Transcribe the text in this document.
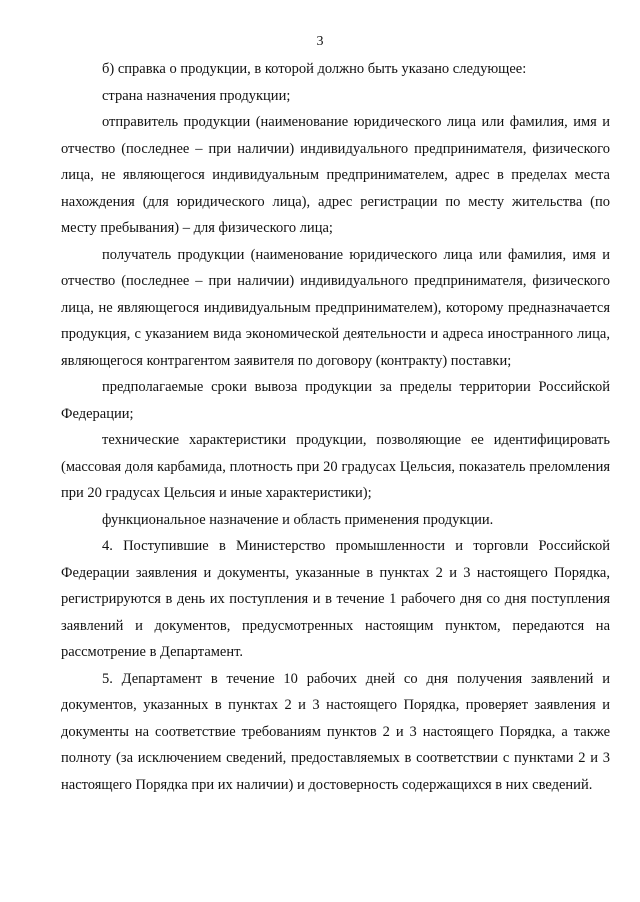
3

б) справка о продукции, в которой должно быть указано следующее:

страна назначения продукции;

отправитель продукции (наименование юридического лица или фамилия, имя и отчество (последнее – при наличии) индивидуального предпринимателя, физического лица, не являющегося индивидуальным предпринимателем, адрес в пределах места нахождения (для юридического лица), адрес регистрации по месту жительства (по месту пребывания) – для физического лица;

получатель продукции (наименование юридического лица или фамилия, имя и отчество (последнее – при наличии) индивидуального предпринимателя, физического лица, не являющегося индивидуальным предпринимателем), которому предназначается продукция, с указанием вида экономической деятельности и адреса иностранного лица, являющегося контрагентом заявителя по договору (контракту) поставки;

предполагаемые сроки вывоза продукции за пределы территории Российской Федерации;

технические характеристики продукции, позволяющие ее идентифицировать (массовая доля карбамида, плотность при 20 градусах Цельсия, показатель преломления при 20 градусах Цельсия и иные характеристики);

функциональное назначение и область применения продукции.

4. Поступившие в Министерство промышленности и торговли Российской Федерации заявления и документы, указанные в пунктах 2 и 3 настоящего Порядка, регистрируются в день их поступления и в течение 1 рабочего дня со дня поступления заявлений и документов, предусмотренных настоящим пунктом, передаются на рассмотрение в Департамент.

5. Департамент в течение 10 рабочих дней со дня получения заявлений и документов, указанных в пунктах 2 и 3 настоящего Порядка, проверяет заявления и документы на соответствие требованиям пунктов 2 и 3 настоящего Порядка, а также полноту (за исключением сведений, предоставляемых в соответствии с пунктами 2 и 3 настоящего Порядка при их наличии) и достоверность содержащихся в них сведений.
